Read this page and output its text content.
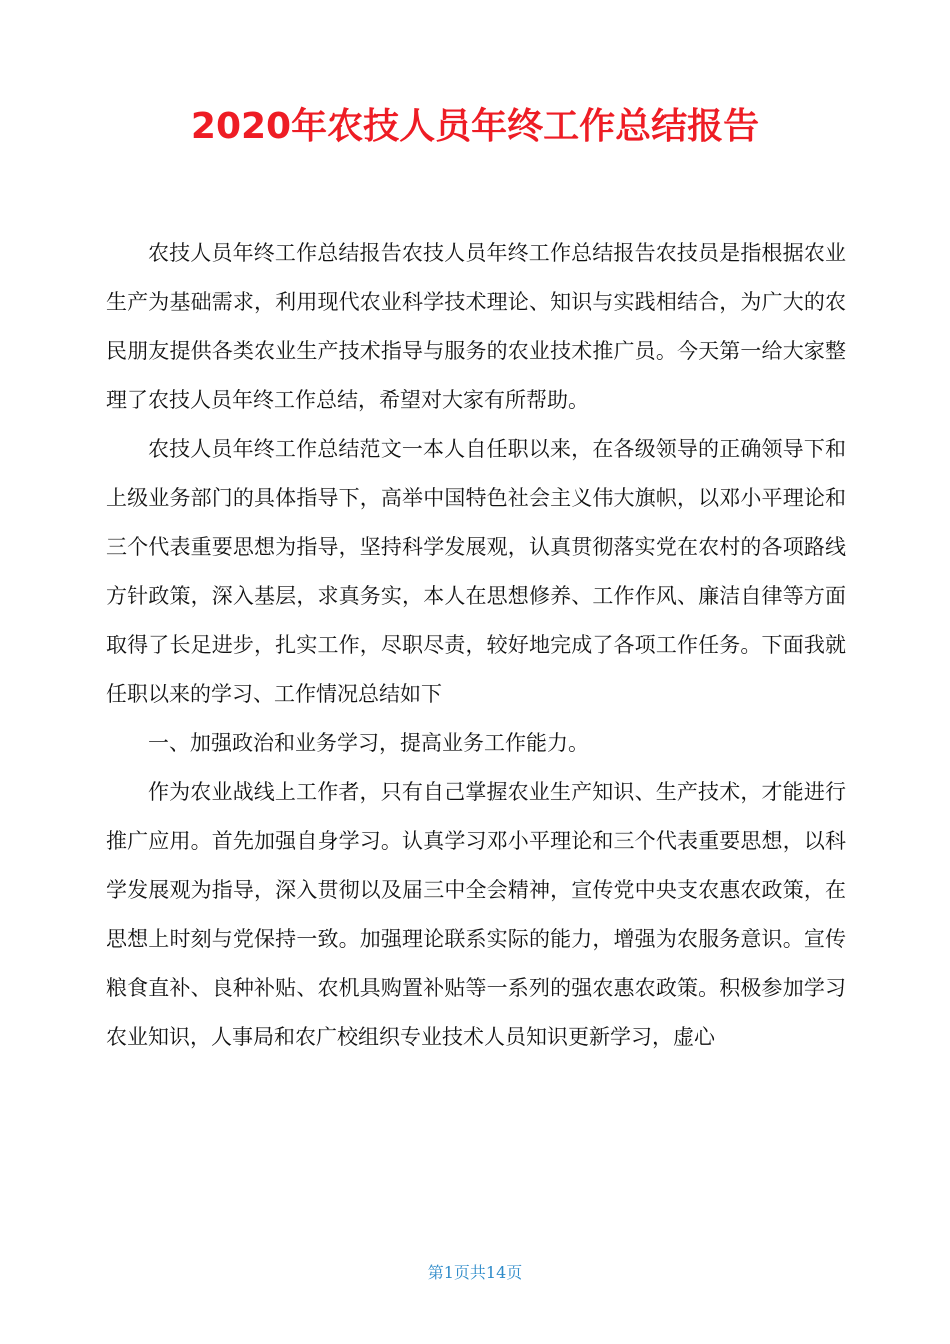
2020年农技人员年终工作总结报告

农技人员年终工作总结报告农技人员年终工作总结报告农技员是指根据农业生产为基础需求，利用现代农业科学技术理论、知识与实践相结合，为广大的农民朋友提供各类农业生产技术指导与服务的农业技术推广员。今天第一给大家整理了农技人员年终工作总结，希望对大家有所帮助。

农技人员年终工作总结范文一本人自任职以来，在各级领导的正确领导下和上级业务部门的具体指导下，高举中国特色社会主义伟大旗帜，以邓小平理论和三个代表重要思想为指导，坚持科学发展观，认真贯彻落实党在农村的各项路线方针政策，深入基层，求真务实，本人在思想修养、工作作风、廉洁自律等方面取得了长足进步，扎实工作，尽职尽责，较好地完成了各项工作任务。下面我就任职以来的学习、工作情况总结如下

一、加强政治和业务学习，提高业务工作能力。

作为农业战线上工作者，只有自己掌握农业生产知识、生产技术，才能进行推广应用。首先加强自身学习。认真学习邓小平理论和三个代表重要思想，以科学发展观为指导，深入贯彻以及届三中全会精神，宣传党中央支农惠农政策，在思想上时刻与党保持一致。加强理论联系实际的能力，增强为农服务意识。宣传粮食直补、良种补贴、农机具购置补贴等一系列的强农惠农政策。积极参加学习农业知识，人事局和农广校组织专业技术人员知识更新学习，虚心

第1页共14页
